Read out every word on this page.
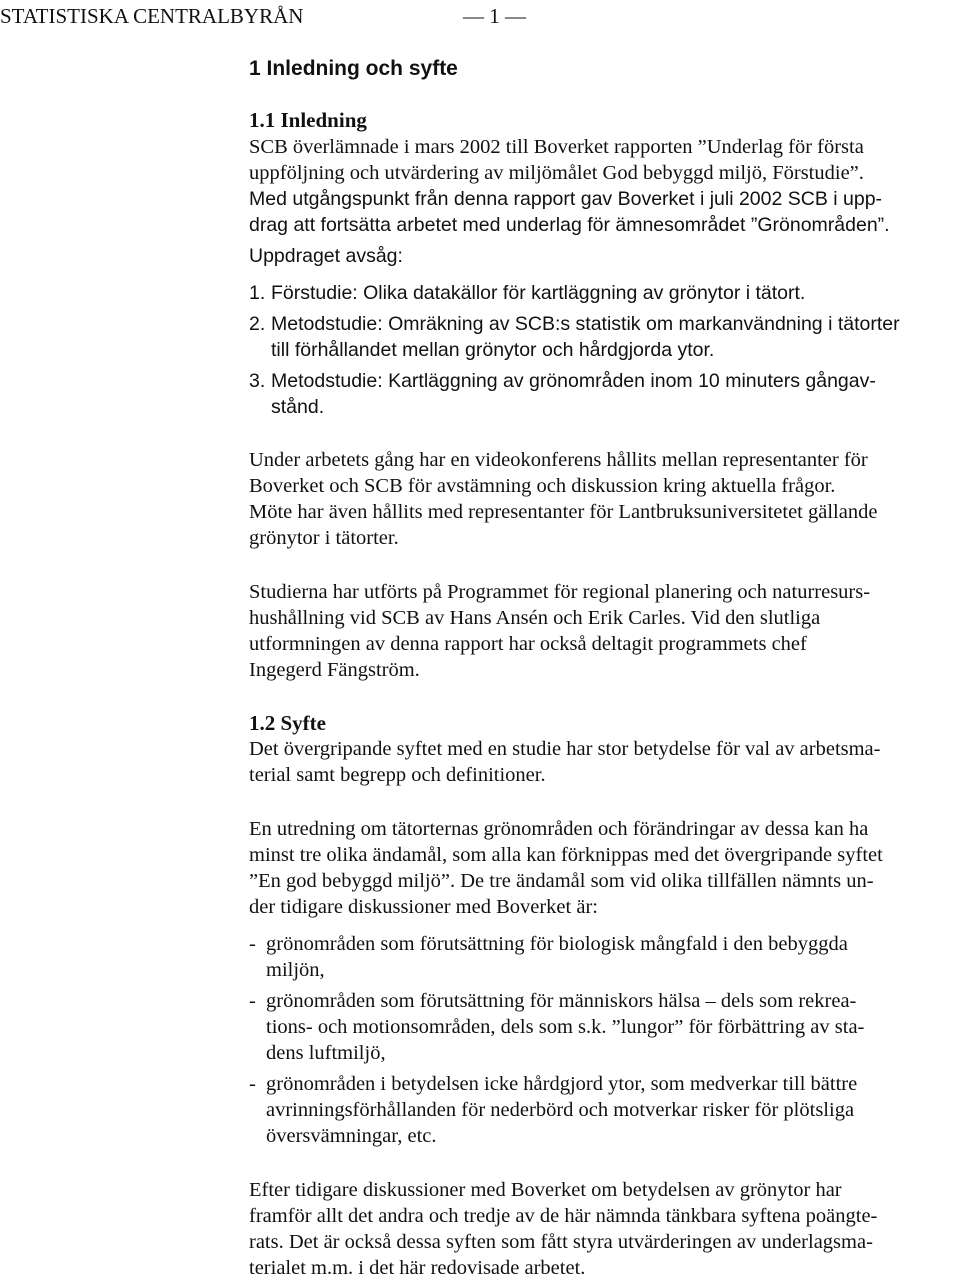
STATISTISKA CENTRALBYRÅN	— 1 —
1 Inledning och syfte
1.1 Inledning
SCB överlämnade i mars 2002 till Boverket rapporten ”Underlag för första
uppföljning och utvärdering av miljömålet God bebyggd miljö, Förstudie”.
Med utgångspunkt från denna rapport gav Boverket i juli 2002 SCB i upp-
drag att fortsätta arbetet med underlag för ämnesområdet ”Grönområden”.
Uppdraget avsåg:
1. Förstudie: Olika datakällor för kartläggning av grönytor i tätort.
2. Metodstudie: Omräkning av SCB:s statistik om markanvändning i tätorter
till förhållandet mellan grönytor och hårdgjorda ytor.
3. Metodstudie: Kartläggning av grönområden inom 10 minuters gångav-
stånd.
Under arbetets gång har en videokonferens hållits mellan representanter för
Boverket och SCB för avstämning och diskussion kring aktuella frågor.
Möte har även hållits med representanter för Lantbruksuniversitetet gällande
grönytor i tätorter.
Studierna har utförts på Programmet för regional planering och naturresurs-
hushållning vid SCB av Hans Ansén och Erik Carles. Vid den slutliga
utformningen av denna rapport har också deltagit programmets chef
Ingegerd Fängström.
1.2 Syfte
Det övergripande syftet med en studie har stor betydelse för val av arbetsma-
terial samt begrepp och definitioner.
En utredning om tätorternas grönområden och förändringar av dessa kan ha
minst tre olika ändamål, som alla kan förknippas med det övergripande syftet
”En god bebyggd miljö”. De tre ändamål som vid olika tillfällen nämnts un-
der tidigare diskussioner med Boverket är:
- grönområden som förutsättning för biologisk mångfald i den bebyggda
miljön,
- grönområden som förutsättning för människors hälsa – dels som rekrea-
tions- och motionsområden, dels som s.k. ”lungor” för förbättring av sta-
dens luftmiljö,
- grönområden i betydelsen icke hårdgjord ytor, som medverkar till bättre
avrinningsförhållanden för nederbörd och motverkar risker för plötsliga
översvämningar, etc.
Efter tidigare diskussioner med Boverket om betydelsen av grönytor har
framför allt det andra och tredje av de här nämnda tänkbara syftena poängte-
rats. Det är också dessa syften som fått styra utvärderingen av underlagsma-
terialet m.m. i det här redovisade arbetet.
